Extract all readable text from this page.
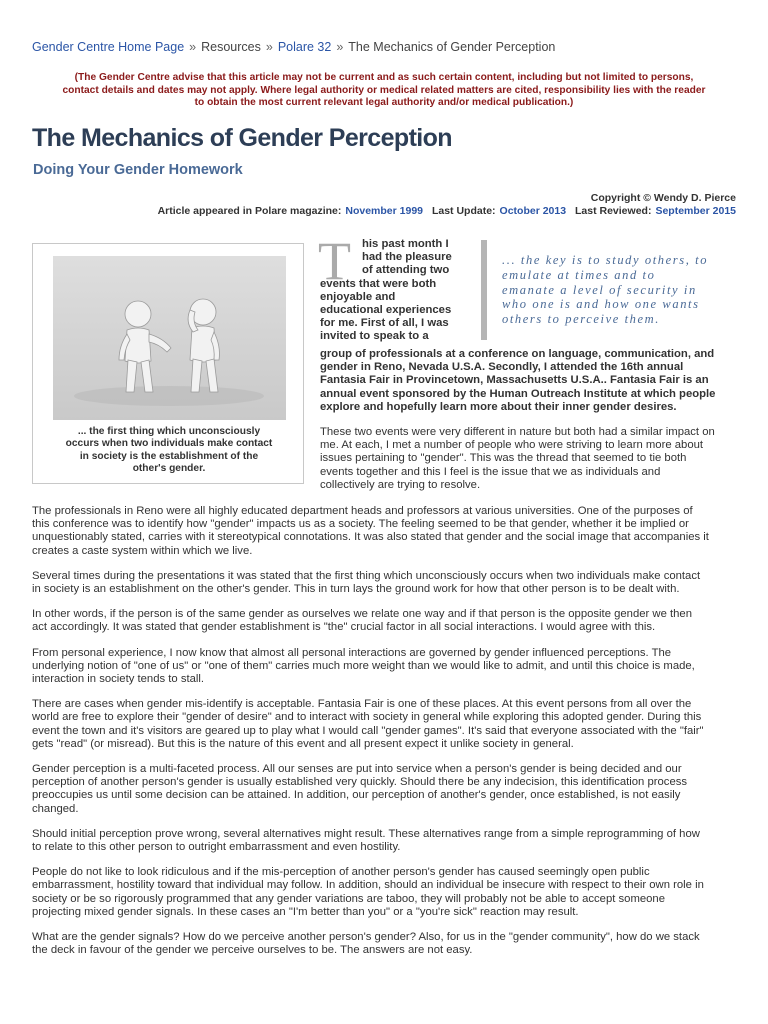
Gender Centre Home Page » Resources » Polare 32 » The Mechanics of Gender Perception
(The Gender Centre advise that this article may not be current and as such certain content, including but not limited to persons,
contact details and dates may not apply. Where legal authority or medical related matters are cited, responsibility lies with the reader
to obtain the most current relevant legal authority and/or medical publication.)
The Mechanics of Gender Perception
Doing Your Gender Homework
Copyright © Wendy D. Pierce
Article appeared in Polare magazine: November 1999 Last Update: October 2013 Last Reviewed: September 2015
... the first thing which unconsciously
occurs when two individuals make contact
in society is the establishment of the
other's gender.
T his past month I
had the pleasure
of attending two
events that were both
enjoyable and
educational experiences
for me. First of all, I was
invited to speak to a
... the key is to study others, to
emulate at times and to
emanate a level of security in
who one is and how one wants
others to perceive them.
group of professionals at a conference on language, communication, and
gender in Reno, Nevada U.S.A. Secondly, I attended the 16th annual
Fantasia Fair in Provincetown, Massachusetts U.S.A.. Fantasia Fair is an
annual event sponsored by the Human Outreach Institute at which people
explore and hopefully learn more about their inner gender desires.
These two events were very different in nature but both had a similar impact on
me. At each, I met a number of people who were striving to learn more about
issues pertaining to "gender". This was the thread that seemed to tie both
events together and this I feel is the issue that we as individuals and
collectively are trying to resolve.

The professionals in Reno were all highly educated department heads and professors at various universities. One of the purposes of
this conference was to identify how "gender" impacts us as a society. The feeling seemed to be that gender, whether it be implied or
unquestionably stated, carries with it stereotypical connotations. It was also stated that gender and the social image that accompanies it
creates a caste system within which we live.

Several times during the presentations it was stated that the first thing which unconsciously occurs when two individuals make contact
in society is an establishment on the other's gender. This in turn lays the ground work for how that other person is to be dealt with.

In other words, if the person is of the same gender as ourselves we relate one way and if that person is the opposite gender we then
act accordingly. It was stated that gender establishment is "the" crucial factor in all social interactions. I would agree with this.

From personal experience, I now know that almost all personal interactions are governed by gender influenced perceptions. The
underlying notion of "one of us" or "one of them" carries much more weight than we would like to admit, and until this choice is made,
interaction in society tends to stall.

There are cases when gender mis-identify is acceptable. Fantasia Fair is one of these places. At this event persons from all over the
world are free to explore their "gender of desire" and to interact with society in general while exploring this adopted gender. During this
event the town and it's visitors are geared up to play what I would call "gender games". It's said that everyone associated with the "fair"
gets "read" (or misread). But this is the nature of this event and all present expect it unlike society in general.

Gender perception is a multi-faceted process. All our senses are put into service when a person's gender is being decided and our
perception of another person's gender is usually established very quickly. Should there be any indecision, this identification process
preoccupies us until some decision can be attained. In addition, our perception of another's gender, once established, is not easily
changed.

Should initial perception prove wrong, several alternatives might result. These alternatives range from a simple reprogramming of how
to relate to this other person to outright embarrassment and even hostility.

People do not like to look ridiculous and if the mis-perception of another person's gender has caused seemingly open public
embarrassment, hostility toward that individual may follow. In addition, should an individual be insecure with respect to their own role in
society or be so rigorously programmed that any gender variations are taboo, they will probably not be able to accept someone
projecting mixed gender signals. In these cases an "I'm better than you" or a "you're sick" reaction may result.

What are the gender signals? How do we perceive another person's gender? Also, for us in the "gender community", how do we stack
the deck in favour of the gender we perceive ourselves to be. The answers are not easy.
